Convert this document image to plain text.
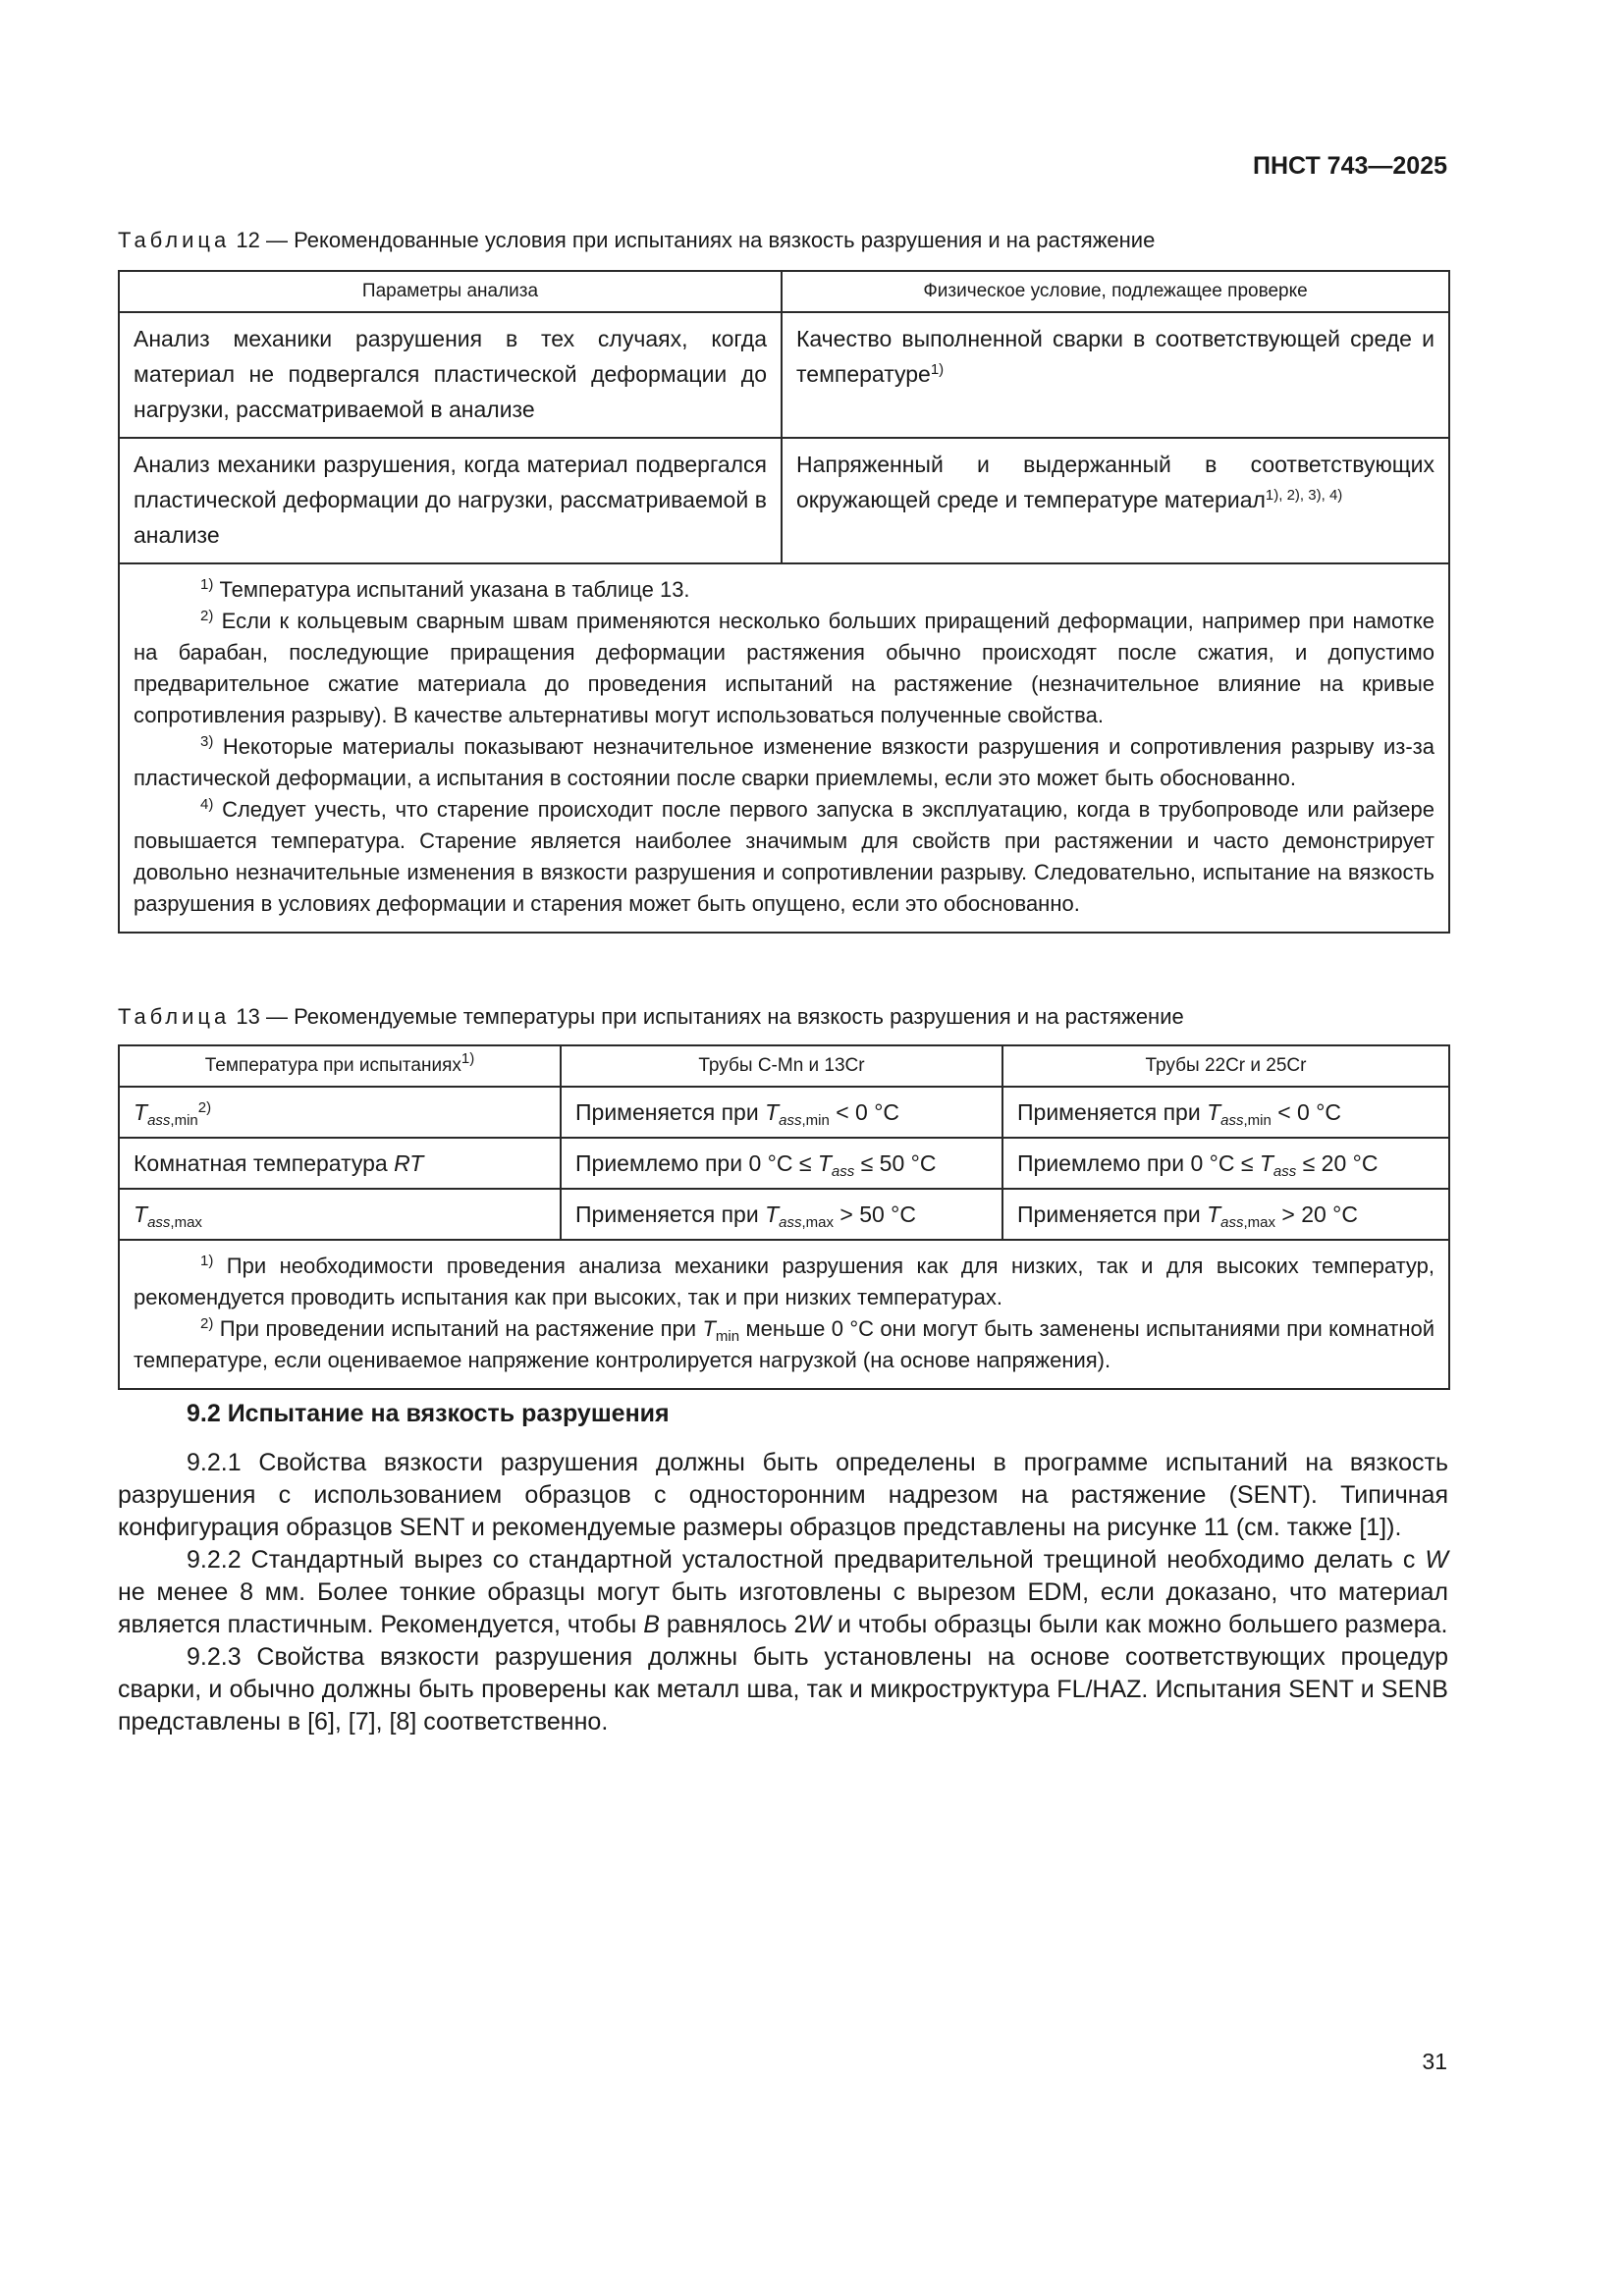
ПНСТ 743—2025
Таблица 12 — Рекомендованные условия при испытаниях на вязкость разрушения и на растяжение
Параметры анализа	Физическое условие, подлежащее проверке
Анализ механики разрушения в тех случаях, когда материал не подвергался пластической деформации до нагрузки, рассматриваемой в анализе	Качество выполненной сварки в соответствующей среде и температуре$^{1)}$
Анализ механики разрушения, когда материал подвергался пластической деформации до нагрузки, рассматриваемой в анализе	Напряженный и выдержанный в соответствующих окружающей среде и температуре материал$^{1), 2), 3), 4)}$

$^{1)}$ Температура испытаний указана в таблице 13.

$^{2)}$ Если к кольцевым сварным швам применяются несколько больших приращений деформации, например при намотке на барабан, последующие приращения деформации растяжения обычно происходят после сжатия, и допустимо предварительное сжатие материала до проведения испытаний на растяжение (незначительное влияние на кривые сопротивления разрыву). В качестве альтернативы могут использоваться полученные свойства.

$^{3)}$ Некоторые материалы показывают незначительное изменение вязкости разрушения и сопротивления разрыву из-за пластической деформации, а испытания в состоянии после сварки приемлемы, если это может быть обоснованно.

$^{4)}$ Следует учесть, что старение происходит после первого запуска в эксплуатацию, когда в трубопроводе или райзере повышается температура. Старение является наиболее значимым для свойств при растяжении и часто демонстрирует довольно незначительные изменения в вязкости разрушения и сопротивлении разрыву. Следовательно, испытание на вязкость разрушения в условиях деформации и старения может быть опущено, если это обоснованно.	

Таблица 13 — Рекомендуемые температуры при испытаниях на вязкость разрушения и на растяжение
Температура при испытаниях$^{1)}$	Трубы C-Mn и 13Cr	Трубы 22Cr и 25Cr
$T_{ass,min}^{2)}$	Применяется при $T_{ass,min} < 0$ °C	Применяется при $T_{ass,min} < 0$ °C
Комнатная температура RT	Приемлемо при 0 $^\circ C \le T_{ass} \le 50$ °C	Приемлемо при 0 $^\circ C \le T_{ass} \le 20$ °C
$T_{ass,max}$	Применяется при $T_{ass,max} > 50$ °C	Применяется при $T_{ass,max} > 20$ °C

$^{1)}$ При необходимости проведения анализа механики разрушения как для низких, так и для высоких температур, рекомендуется проводить испытания как при высоких, так и при низких температурах.

$^{2)}$ При проведении испытаний на растяжение при $T_{min}$ меньше 0 °C они могут быть заменены испытаниями при комнатной температуре, если оцениваемое напряжение контролируется нагрузкой (на основе напряжения).		

9.2 Испытание на вязкость разрушения

9.2.1 Свойства вязкости разрушения должны быть определены в программе испытаний на вязкость разрушения с использованием образцов с односторонним надрезом на растяжение (SENT). Типичная конфигурация образцов SENT и рекомендуемые размеры образцов представлены на рисунке 11 (см. также [1]).

9.2.2 Стандартный вырез со стандартной усталостной предварительной трещиной необходимо делать с W не менее 8 мм. Более тонкие образцы могут быть изготовлены с вырезом EDM, если доказано, что материал является пластичным. Рекомендуется, чтобы B равнялось 2W и чтобы образцы были как можно большего размера.

9.2.3 Свойства вязкости разрушения должны быть установлены на основе соответствующих процедур сварки, и обычно должны быть проверены как металл шва, так и микроструктура FL/HAZ. Испытания SENT и SENB представлены в [6], [7], [8] соответственно.

31
